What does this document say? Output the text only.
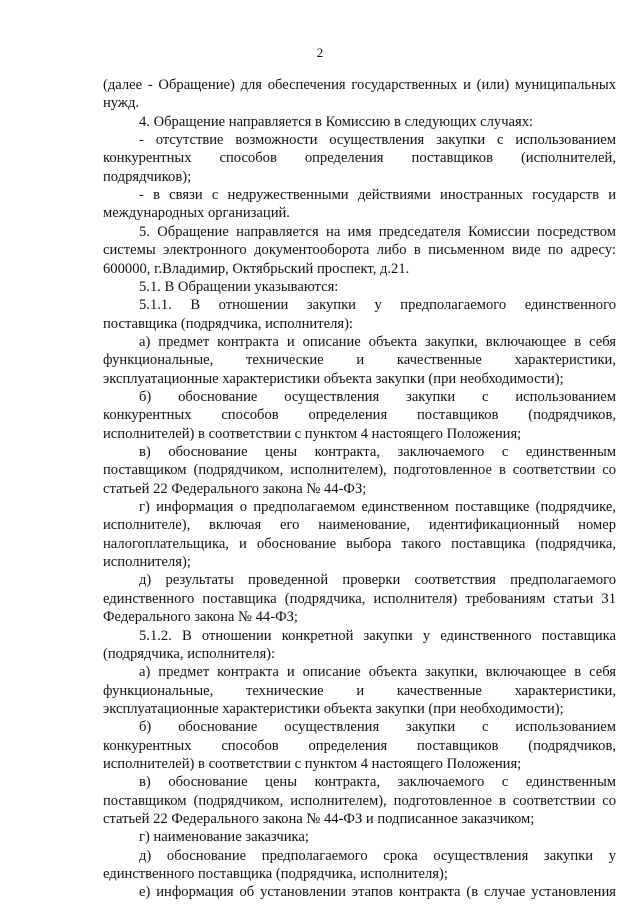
2
(далее - Обращение) для обеспечения государственных и (или) муниципальных
нужд.
4. Обращение направляется в Комиссию в следующих случаях:
- отсутствие возможности осуществления закупки с использованием
конкурентных способов определения поставщиков (исполнителей,
подрядчиков);
- в связи с недружественными действиями иностранных государств и
международных организаций.
5. Обращение направляется на имя председателя Комиссии посредством
системы электронного документооборота либо в письменном виде по адресу:
600000, г.Владимир, Октябрьский проспект, д.21.
5.1. В Обращении указываются:
5.1.1. В отношении закупки у предполагаемого единственного
поставщика (подрядчика, исполнителя):
а) предмет контракта и описание объекта закупки, включающее в себя
функциональные, технические и качественные характеристики,
эксплуатационные характеристики объекта закупки (при необходимости);
б) обоснование осуществления закупки с использованием
конкурентных способов определения поставщиков (подрядчиков,
исполнителей) в соответствии с пунктом 4 настоящего Положения;
в) обоснование цены контракта, заключаемого с единственным
поставщиком (подрядчиком, исполнителем), подготовленное в соответствии со
статьей 22 Федерального закона № 44-ФЗ;
г) информация о предполагаемом единственном поставщике (подрядчике,
исполнителе), включая его наименование, идентификационный номер
налогоплательщика, и обоснование выбора такого поставщика (подрядчика,
исполнителя);
д) результаты проведенной проверки соответствия предполагаемого
единственного поставщика (подрядчика, исполнителя) требованиям статьи 31
Федерального закона № 44-ФЗ;
5.1.2. В отношении конкретной закупки у единственного поставщика
(подрядчика, исполнителя):
а) предмет контракта и описание объекта закупки, включающее в себя
функциональные, технические и качественные характеристики,
эксплуатационные характеристики объекта закупки (при необходимости);
б) обоснование осуществления закупки с использованием
конкурентных способов определения поставщиков (подрядчиков,
исполнителей) в соответствии с пунктом 4 настоящего Положения;
в) обоснование цены контракта, заключаемого с единственным
поставщиком (подрядчиком, исполнителем), подготовленное в соответствии со
статьей 22 Федерального закона № 44-ФЗ и подписанное заказчиком;
г) наименование заказчика;
д) обоснование предполагаемого срока осуществления закупки у
единственного поставщика (подрядчика, исполнителя);
е) информация об установлении этапов контракта (в случае установления
